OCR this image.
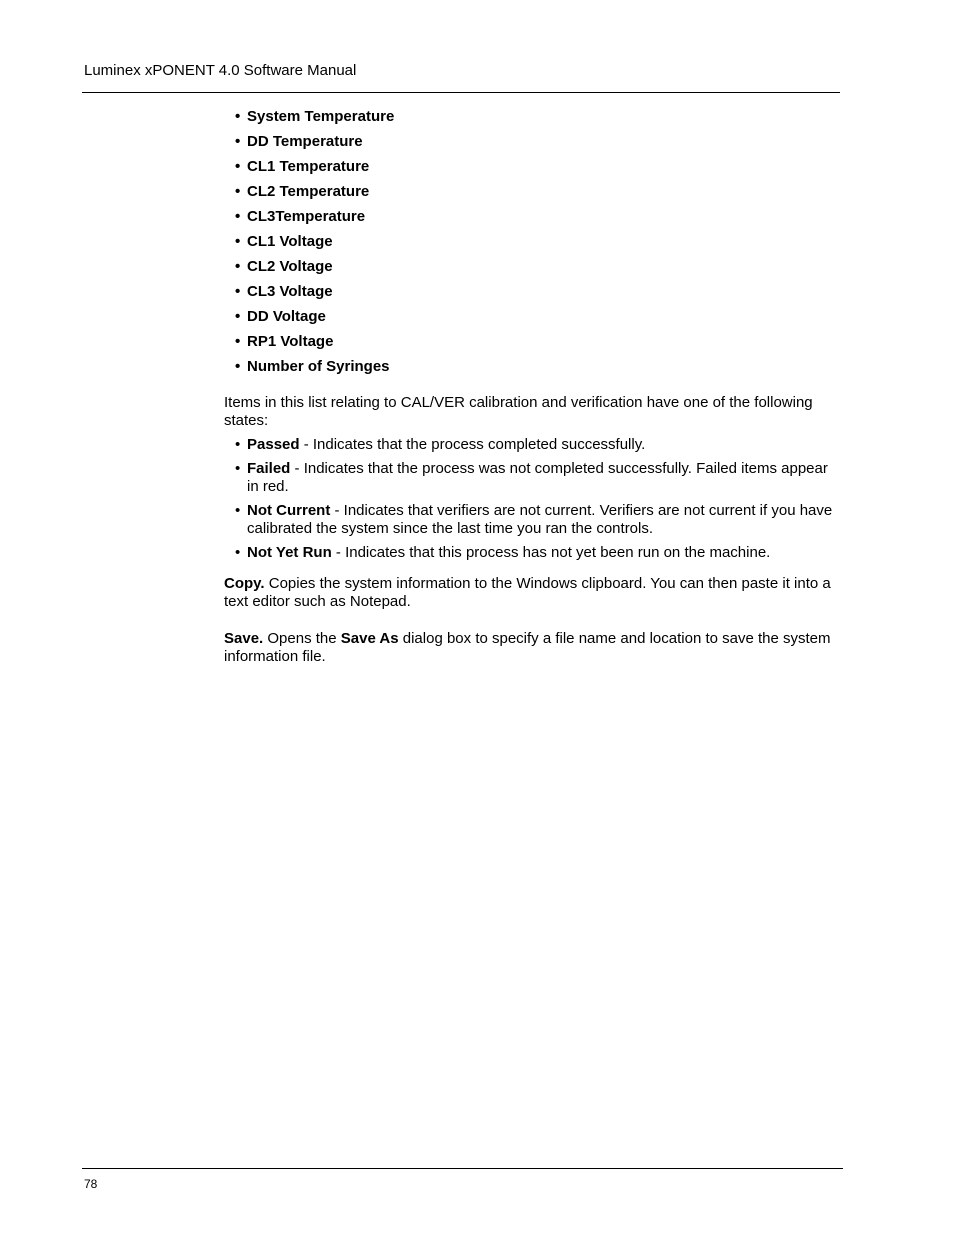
Luminex xPONENT 4.0 Software Manual
• System Temperature
• DD Temperature
• CL1 Temperature
• CL2 Temperature
• CL3Temperature
• CL1 Voltage
• CL2 Voltage
• CL3 Voltage
• DD Voltage
• RP1 Voltage
• Number of Syringes

Items in this list relating to CAL/VER calibration and verification have one of the following states:

• Passed - Indicates that the process completed successfully.
• Failed - Indicates that the process was not completed successfully. Failed items appear in red.
• Not Current - Indicates that verifiers are not current. Verifiers are not current if you have calibrated the system since the last time you ran the controls.
• Not Yet Run - Indicates that this process has not yet been run on the machine.

Copy. Copies the system information to the Windows clipboard. You can then paste it into a text editor such as Notepad.

Save. Opens the Save As dialog box to specify a file name and location to save the system information file.

78
